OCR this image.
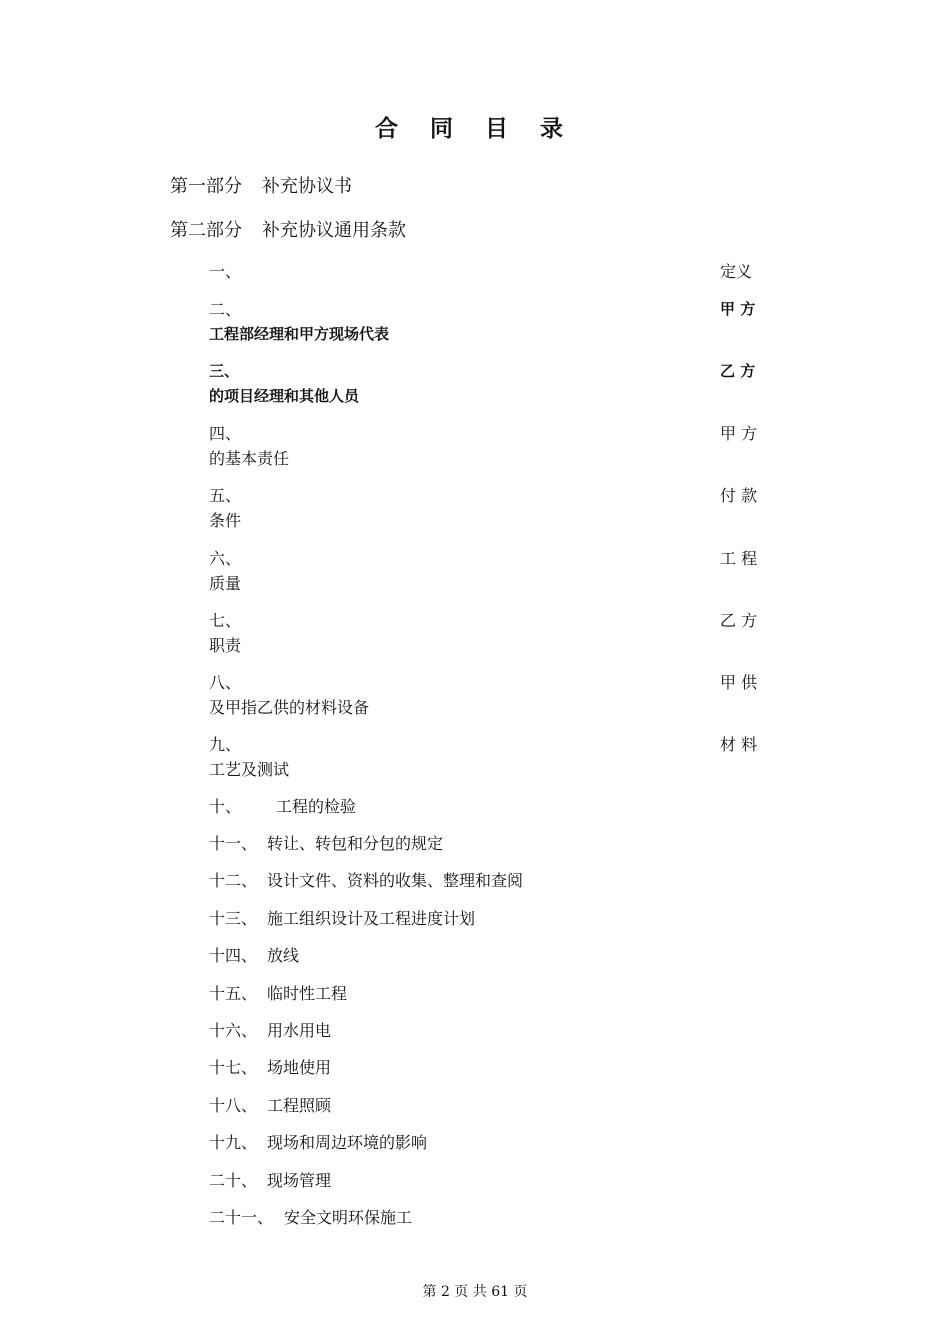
合 同 目 录
第一部分 补充协议书
第二部分 补充协议通用条款
一、	定义
二、	甲 方
工程部经理和甲方现场代表
三、	乙 方
的项目经理和其他人员
四、	甲 方
的基本责任
五、	付 款
条件
六、	工 程
质量
七、	乙 方
职责
八、	甲 供
及甲指乙供的材料设备
九、	材 料
工艺及测试
十、 工程的检验
十一、 转让、转包和分包的规定
十二、 设计文件、资料的收集、整理和查阅
十三、 施工组织设计及工程进度计划
十四、 放线
十五、 临时性工程
十六、 用水用电
十七、 场地使用
十八、 工程照顾
十九、 现场和周边环境的影响
二十、 现场管理
二十一、 安全文明环保施工
第 2 页 共 61 页
